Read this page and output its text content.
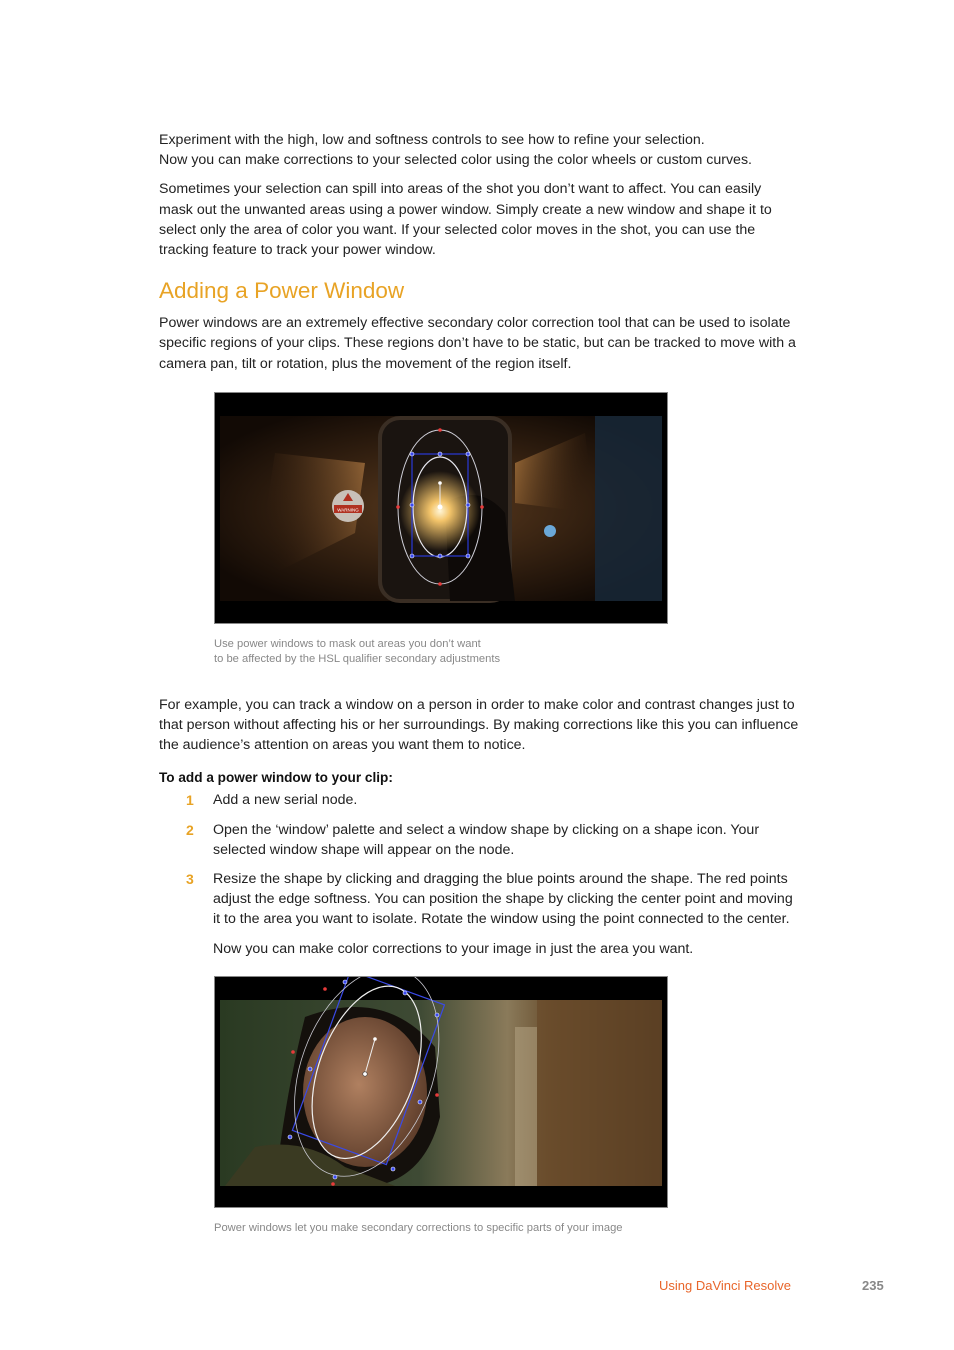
Experiment with the high, low and softness controls to see how to refine your selection.
Now you can make corrections to your selected color using the color wheels or custom curves.

Sometimes your selection can spill into areas of the shot you don’t want to affect. You can easily mask out the unwanted areas using a power window. Simply create a new window and shape it to select only the area of color you want. If your selected color moves in the shot, you can use the tracking feature to track your power window.

Adding a Power Window

Power windows are an extremely effective secondary color correction tool that can be used to isolate specific regions of your clips. These regions don’t have to be static, but can be tracked to move with a camera pan, tilt or rotation, plus the movement of the region itself.

WARNING
Use power windows to mask out areas you don’t want
to be affected by the HSL qualifier secondary adjustments

For example, you can track a window on a person in order to make color and contrast changes just to that person without affecting his or her surroundings. By making corrections like this you can influence the audience’s attention on areas you want them to notice.

To add a power window to your clip:
1	Add a new serial node.
2	Open the ‘window’ palette and select a window shape by clicking on a shape icon. Your selected window shape will appear on the node.
3	Resize the shape by clicking and dragging the blue points around the shape. The red points adjust the edge softness. You can position the shape by clicking the center point and moving it to the area you want to isolate. Rotate the window using the point connected to the center.

Now you can make color corrections to your image in just the area you want.

Power windows let you make secondary corrections to specific parts of your image
Using DaVinci Resolve	235
